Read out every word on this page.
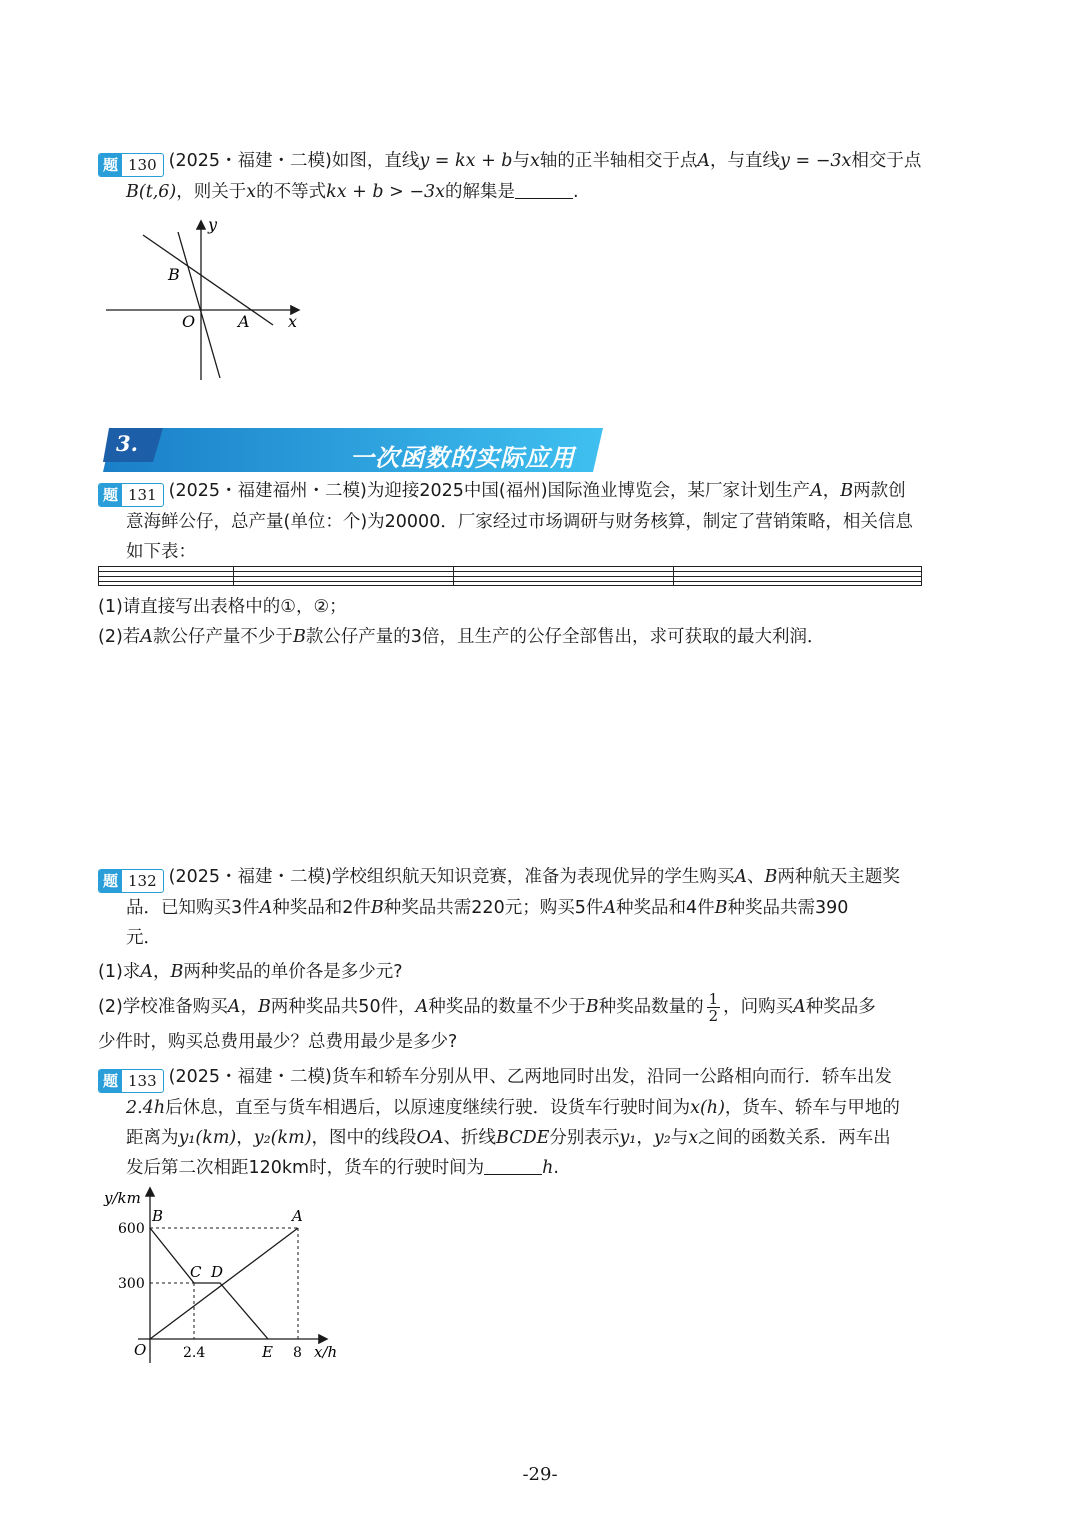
题 130 (2025・福建・二模)如图，直线y = kx + b与x轴的正半轴相交于点A，与直线y = −3x相交于点
B(t,6)，则关于x的不等式kx + b > −3x的解集是	.
y
B
O	A x
3.
一次函数的实际应用
题 131 (2025・福建福州・二模)为迎接2025中国(福州)国际渔业博览会，某厂家计划生产A，B两款创
意海鲜公仔，总产量(单位：个)为20000．厂家经过市场调研与财务核算，制定了营销策略，相关信息
如下表：

(1)请直接写出表格中的①，②；
(2)若A款公仔产量不少于B款公仔产量的3倍，且生产的公仔全部售出，求可获取的最大利润．
题 132 (2025・福建・二模)学校组织航天知识竞赛，准备为表现优异的学生购买A、B两种航天主题奖
品．已知购买3件A种奖品和2件B种奖品共需220元；购买5件A种奖品和4件B种奖品共需390
元．
(1)求A，B两种奖品的单价各是多少元?
(2)学校准备购买A，B两种奖品共50件，A种奖品的数量不少于B种奖品数量的 $\frac{1}{2}$ ，问购买A种奖品多
少件时，购买总费用最少？总费用最少是多少?
题 133 (2025・福建・二模)货车和轿车分别从甲、乙两地同时出发，沿同一公路相向而行．轿车出发
2.4h后休息，直至与货车相遇后，以原速度继续行驶．设货车行驶时间为x(h)，货车、轿车与甲地的
距离为y₁(km)，y₂(km)，图中的线段OA、折线BCDE分别表示y₁，y₂与x之间的函数关系．两车出
发后第二次相距120km时，货车的行驶时间为	h.
y/km
600
300
O	2.4	E 8 x/h
B	A
C D
-29-
